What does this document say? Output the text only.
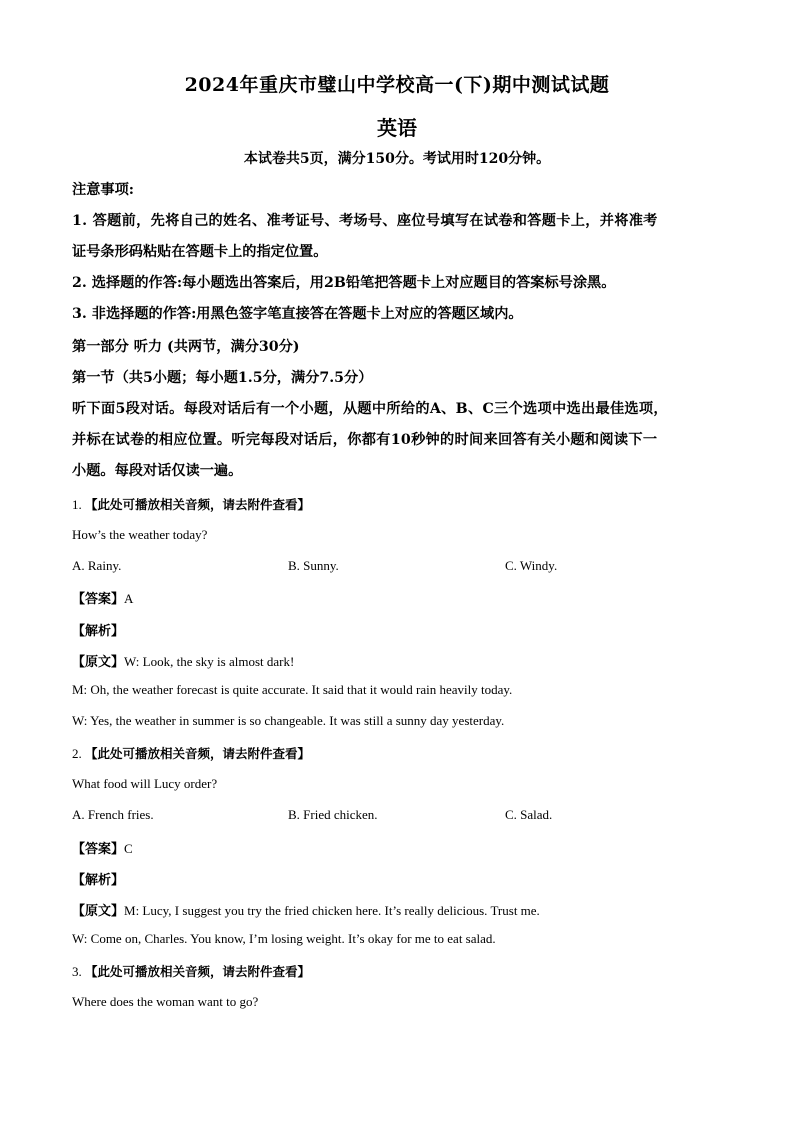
2024年重庆市璧山中学校高一(下)期中测试试题
英语
本试卷共5页，满分150分。考试用时120分钟。
注意事项:
1. 答题前，先将自己的姓名、准考证号、考场号、座位号填写在试卷和答题卡上，并将准考
证号条形码粘贴在答题卡上的指定位置。
2. 选择题的作答:每小题选出答案后，用2B铅笔把答题卡上对应题目的答案标号涂黑。
3. 非选择题的作答:用黑色签字笔直接答在答题卡上对应的答题区域内。
第一部分 听力 (共两节，满分30分)
第一节（共5小题；每小题1.5分，满分7.5分）
听下面5段对话。每段对话后有一个小题，从题中所给的A、B、C三个选项中选出最佳选项，
并标在试卷的相应位置。听完每段对话后，你都有10秒钟的时间来回答有关小题和阅读下一
小题。每段对话仅读一遍。
1. 【此处可播放相关音频，请去附件查看】
How’s the weather today?
A. Rainy.	B. Sunny.	C. Windy.
【答案】A
【解析】
【原文】W: Look, the sky is almost dark!
M: Oh, the weather forecast is quite accurate. It said that it would rain heavily today.
W: Yes, the weather in summer is so changeable. It was still a sunny day yesterday.
2. 【此处可播放相关音频，请去附件查看】
What food will Lucy order?
A. French fries.	B. Fried chicken.	C. Salad.
【答案】C
【解析】
【原文】M: Lucy, I suggest you try the fried chicken here. It’s really delicious. Trust me.
W: Come on, Charles. You know, I’m losing weight. It’s okay for me to eat salad.
3. 【此处可播放相关音频，请去附件查看】
Where does the woman want to go?
